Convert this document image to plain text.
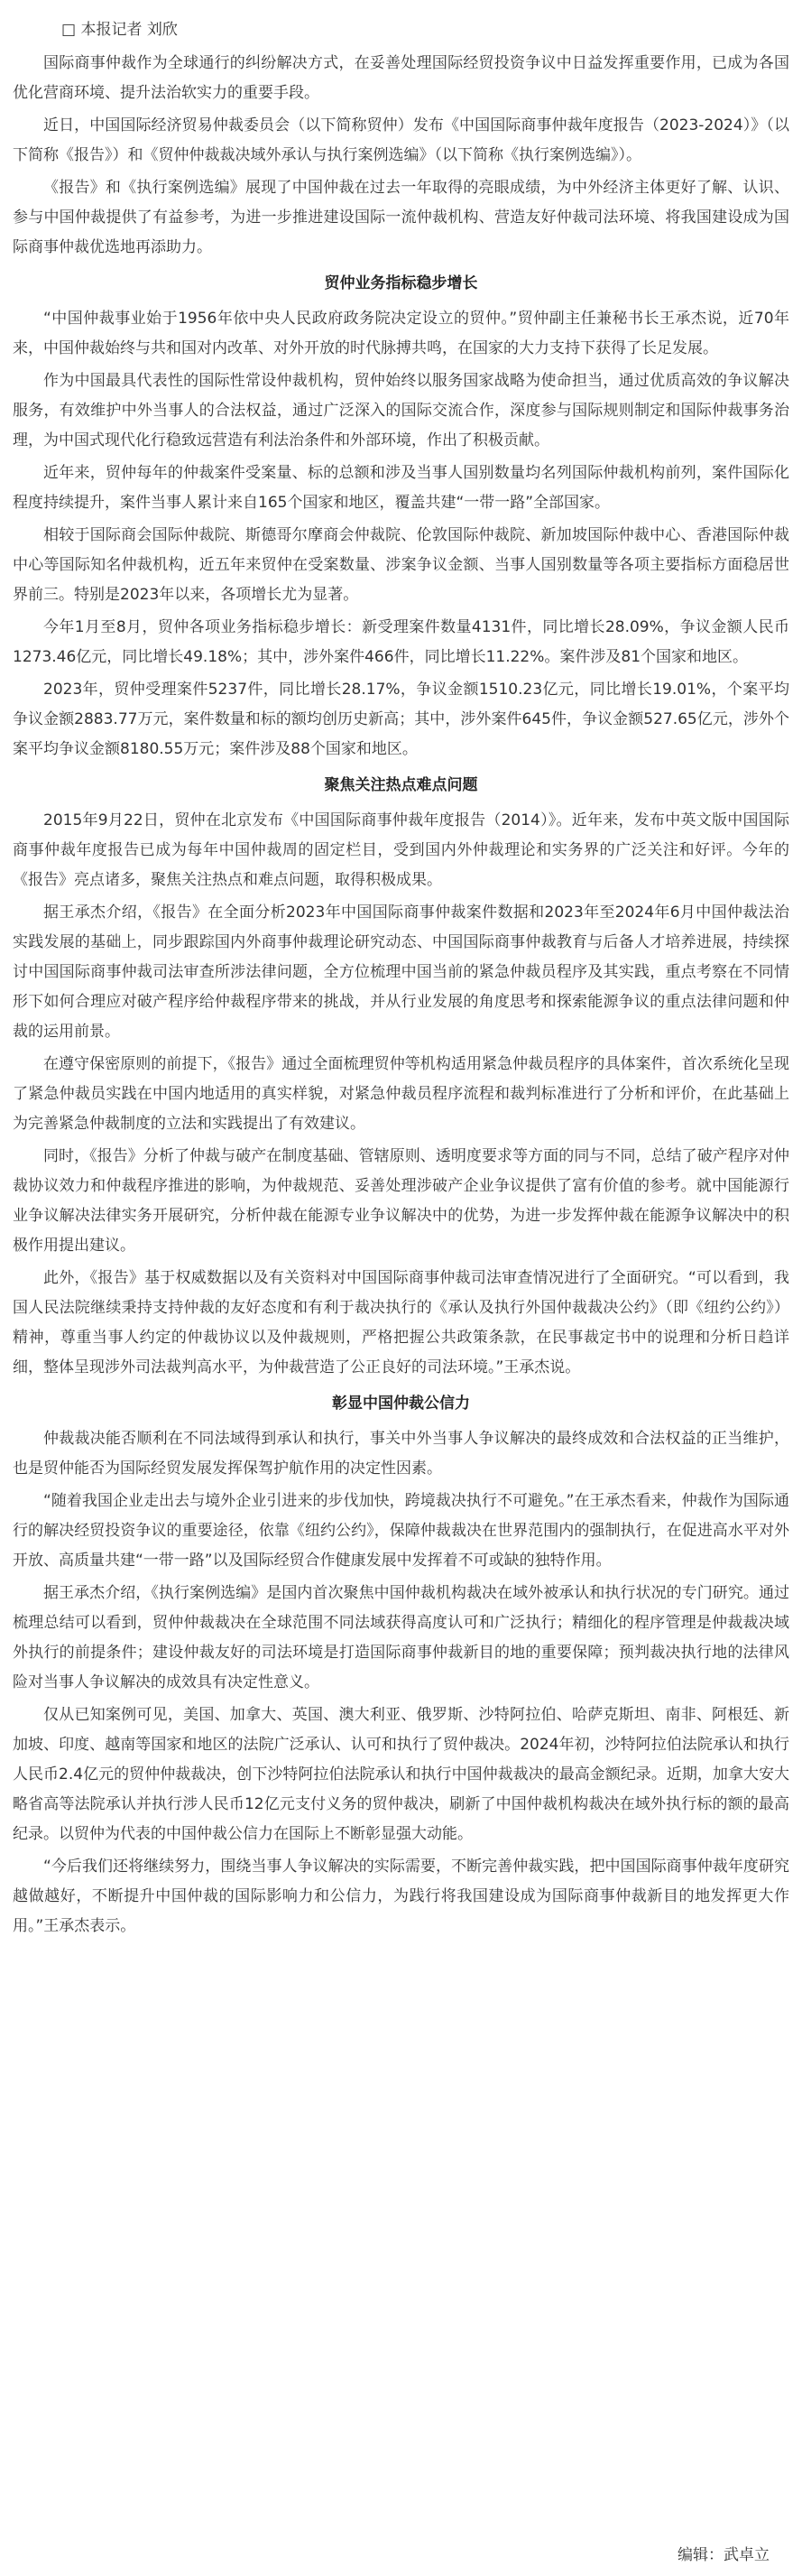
□ 本报记者 刘欣

国际商事仲裁作为全球通行的纠纷解决方式，在妥善处理国际经贸投资争议中日益发挥重要作用，已成为各国优化营商环境、提升法治软实力的重要手段。

近日，中国国际经济贸易仲裁委员会（以下简称贸仲）发布《中国国际商事仲裁年度报告（2023-2024）》（以下简称《报告》）和《贸仲仲裁裁决域外承认与执行案例选编》（以下简称《执行案例选编》）。

《报告》和《执行案例选编》展现了中国仲裁在过去一年取得的亮眼成绩，为中外经济主体更好了解、认识、参与中国仲裁提供了有益参考，为进一步推进建设国际一流仲裁机构、营造友好仲裁司法环境、将我国建设成为国际商事仲裁优选地再添助力。

贸仲业务指标稳步增长

“中国仲裁事业始于1956年依中央人民政府政务院决定设立的贸仲。”贸仲副主任兼秘书长王承杰说，近70年来，中国仲裁始终与共和国对内改革、对外开放的时代脉搏共鸣，在国家的大力支持下获得了长足发展。

作为中国最具代表性的国际性常设仲裁机构，贸仲始终以服务国家战略为使命担当，通过优质高效的争议解决服务，有效维护中外当事人的合法权益，通过广泛深入的国际交流合作，深度参与国际规则制定和国际仲裁事务治理，为中国式现代化行稳致远营造有利法治条件和外部环境，作出了积极贡献。

近年来，贸仲每年的仲裁案件受案量、标的总额和涉及当事人国别数量均名列国际仲裁机构前列，案件国际化程度持续提升，案件当事人累计来自165个国家和地区，覆盖共建“一带一路”全部国家。

相较于国际商会国际仲裁院、斯德哥尔摩商会仲裁院、伦敦国际仲裁院、新加坡国际仲裁中心、香港国际仲裁中心等国际知名仲裁机构，近五年来贸仲在受案数量、涉案争议金额、当事人国别数量等各项主要指标方面稳居世界前三。特别是2023年以来，各项增长尤为显著。

今年1月至8月，贸仲各项业务指标稳步增长：新受理案件数量4131件，同比增长28.09%，争议金额人民币1273.46亿元，同比增长49.18%；其中，涉外案件466件，同比增长11.22%。案件涉及81个国家和地区。

2023年，贸仲受理案件5237件，同比增长28.17%，争议金额1510.23亿元，同比增长19.01%，个案平均争议金额2883.77万元，案件数量和标的额均创历史新高；其中，涉外案件645件，争议金额527.65亿元，涉外个案平均争议金额8180.55万元；案件涉及88个国家和地区。

聚焦关注热点难点问题

2015年9月22日，贸仲在北京发布《中国国际商事仲裁年度报告（2014）》。近年来，发布中英文版中国国际商事仲裁年度报告已成为每年中国仲裁周的固定栏目，受到国内外仲裁理论和实务界的广泛关注和好评。今年的《报告》亮点诸多，聚焦关注热点和难点问题，取得积极成果。

据王承杰介绍，《报告》在全面分析2023年中国国际商事仲裁案件数据和2023年至2024年6月中国仲裁法治实践发展的基础上，同步跟踪国内外商事仲裁理论研究动态、中国国际商事仲裁教育与后备人才培养进展，持续探讨中国国际商事仲裁司法审查所涉法律问题，全方位梳理中国当前的紧急仲裁员程序及其实践，重点考察在不同情形下如何合理应对破产程序给仲裁程序带来的挑战，并从行业发展的角度思考和探索能源争议的重点法律问题和仲裁的运用前景。

在遵守保密原则的前提下，《报告》通过全面梳理贸仲等机构适用紧急仲裁员程序的具体案件，首次系统化呈现了紧急仲裁员实践在中国内地适用的真实样貌，对紧急仲裁员程序流程和裁判标准进行了分析和评价，在此基础上为完善紧急仲裁制度的立法和实践提出了有效建议。

同时，《报告》分析了仲裁与破产在制度基础、管辖原则、透明度要求等方面的同与不同，总结了破产程序对仲裁协议效力和仲裁程序推进的影响，为仲裁规范、妥善处理涉破产企业争议提供了富有价值的参考。就中国能源行业争议解决法律实务开展研究，分析仲裁在能源专业争议解决中的优势，为进一步发挥仲裁在能源争议解决中的积极作用提出建议。

此外，《报告》基于权威数据以及有关资料对中国国际商事仲裁司法审查情况进行了全面研究。“可以看到，我国人民法院继续秉持支持仲裁的友好态度和有利于裁决执行的《承认及执行外国仲裁裁决公约》（即《纽约公约》）精神，尊重当事人约定的仲裁协议以及仲裁规则，严格把握公共政策条款，在民事裁定书中的说理和分析日趋详细，整体呈现涉外司法裁判高水平，为仲裁营造了公正良好的司法环境。”王承杰说。

彰显中国仲裁公信力

仲裁裁决能否顺利在不同法域得到承认和执行，事关中外当事人争议解决的最终成效和合法权益的正当维护，也是贸仲能否为国际经贸发展发挥保驾护航作用的决定性因素。

“随着我国企业走出去与境外企业引进来的步伐加快，跨境裁决执行不可避免。”在王承杰看来，仲裁作为国际通行的解决经贸投资争议的重要途径，依靠《纽约公约》，保障仲裁裁决在世界范围内的强制执行，在促进高水平对外开放、高质量共建“一带一路”以及国际经贸合作健康发展中发挥着不可或缺的独特作用。

据王承杰介绍，《执行案例选编》是国内首次聚焦中国仲裁机构裁决在域外被承认和执行状况的专门研究。通过梳理总结可以看到，贸仲仲裁裁决在全球范围不同法域获得高度认可和广泛执行；精细化的程序管理是仲裁裁决域外执行的前提条件；建设仲裁友好的司法环境是打造国际商事仲裁新目的地的重要保障；预判裁决执行地的法律风险对当事人争议解决的成效具有决定性意义。

仅从已知案例可见，美国、加拿大、英国、澳大利亚、俄罗斯、沙特阿拉伯、哈萨克斯坦、南非、阿根廷、新加坡、印度、越南等国家和地区的法院广泛承认、认可和执行了贸仲裁决。2024年初，沙特阿拉伯法院承认和执行人民币2.4亿元的贸仲仲裁裁决，创下沙特阿拉伯法院承认和执行中国仲裁裁决的最高金额纪录。近期，加拿大安大略省高等法院承认并执行涉人民币12亿元支付义务的贸仲裁决，刷新了中国仲裁机构裁决在域外执行标的额的最高纪录。以贸仲为代表的中国仲裁公信力在国际上不断彰显强大动能。

“今后我们还将继续努力，围绕当事人争议解决的实际需要，不断完善仲裁实践，把中国国际商事仲裁年度研究越做越好，不断提升中国仲裁的国际影响力和公信力，为践行将我国建设成为国际商事仲裁新目的地发挥更大作用。”王承杰表示。

编辑：武卓立
